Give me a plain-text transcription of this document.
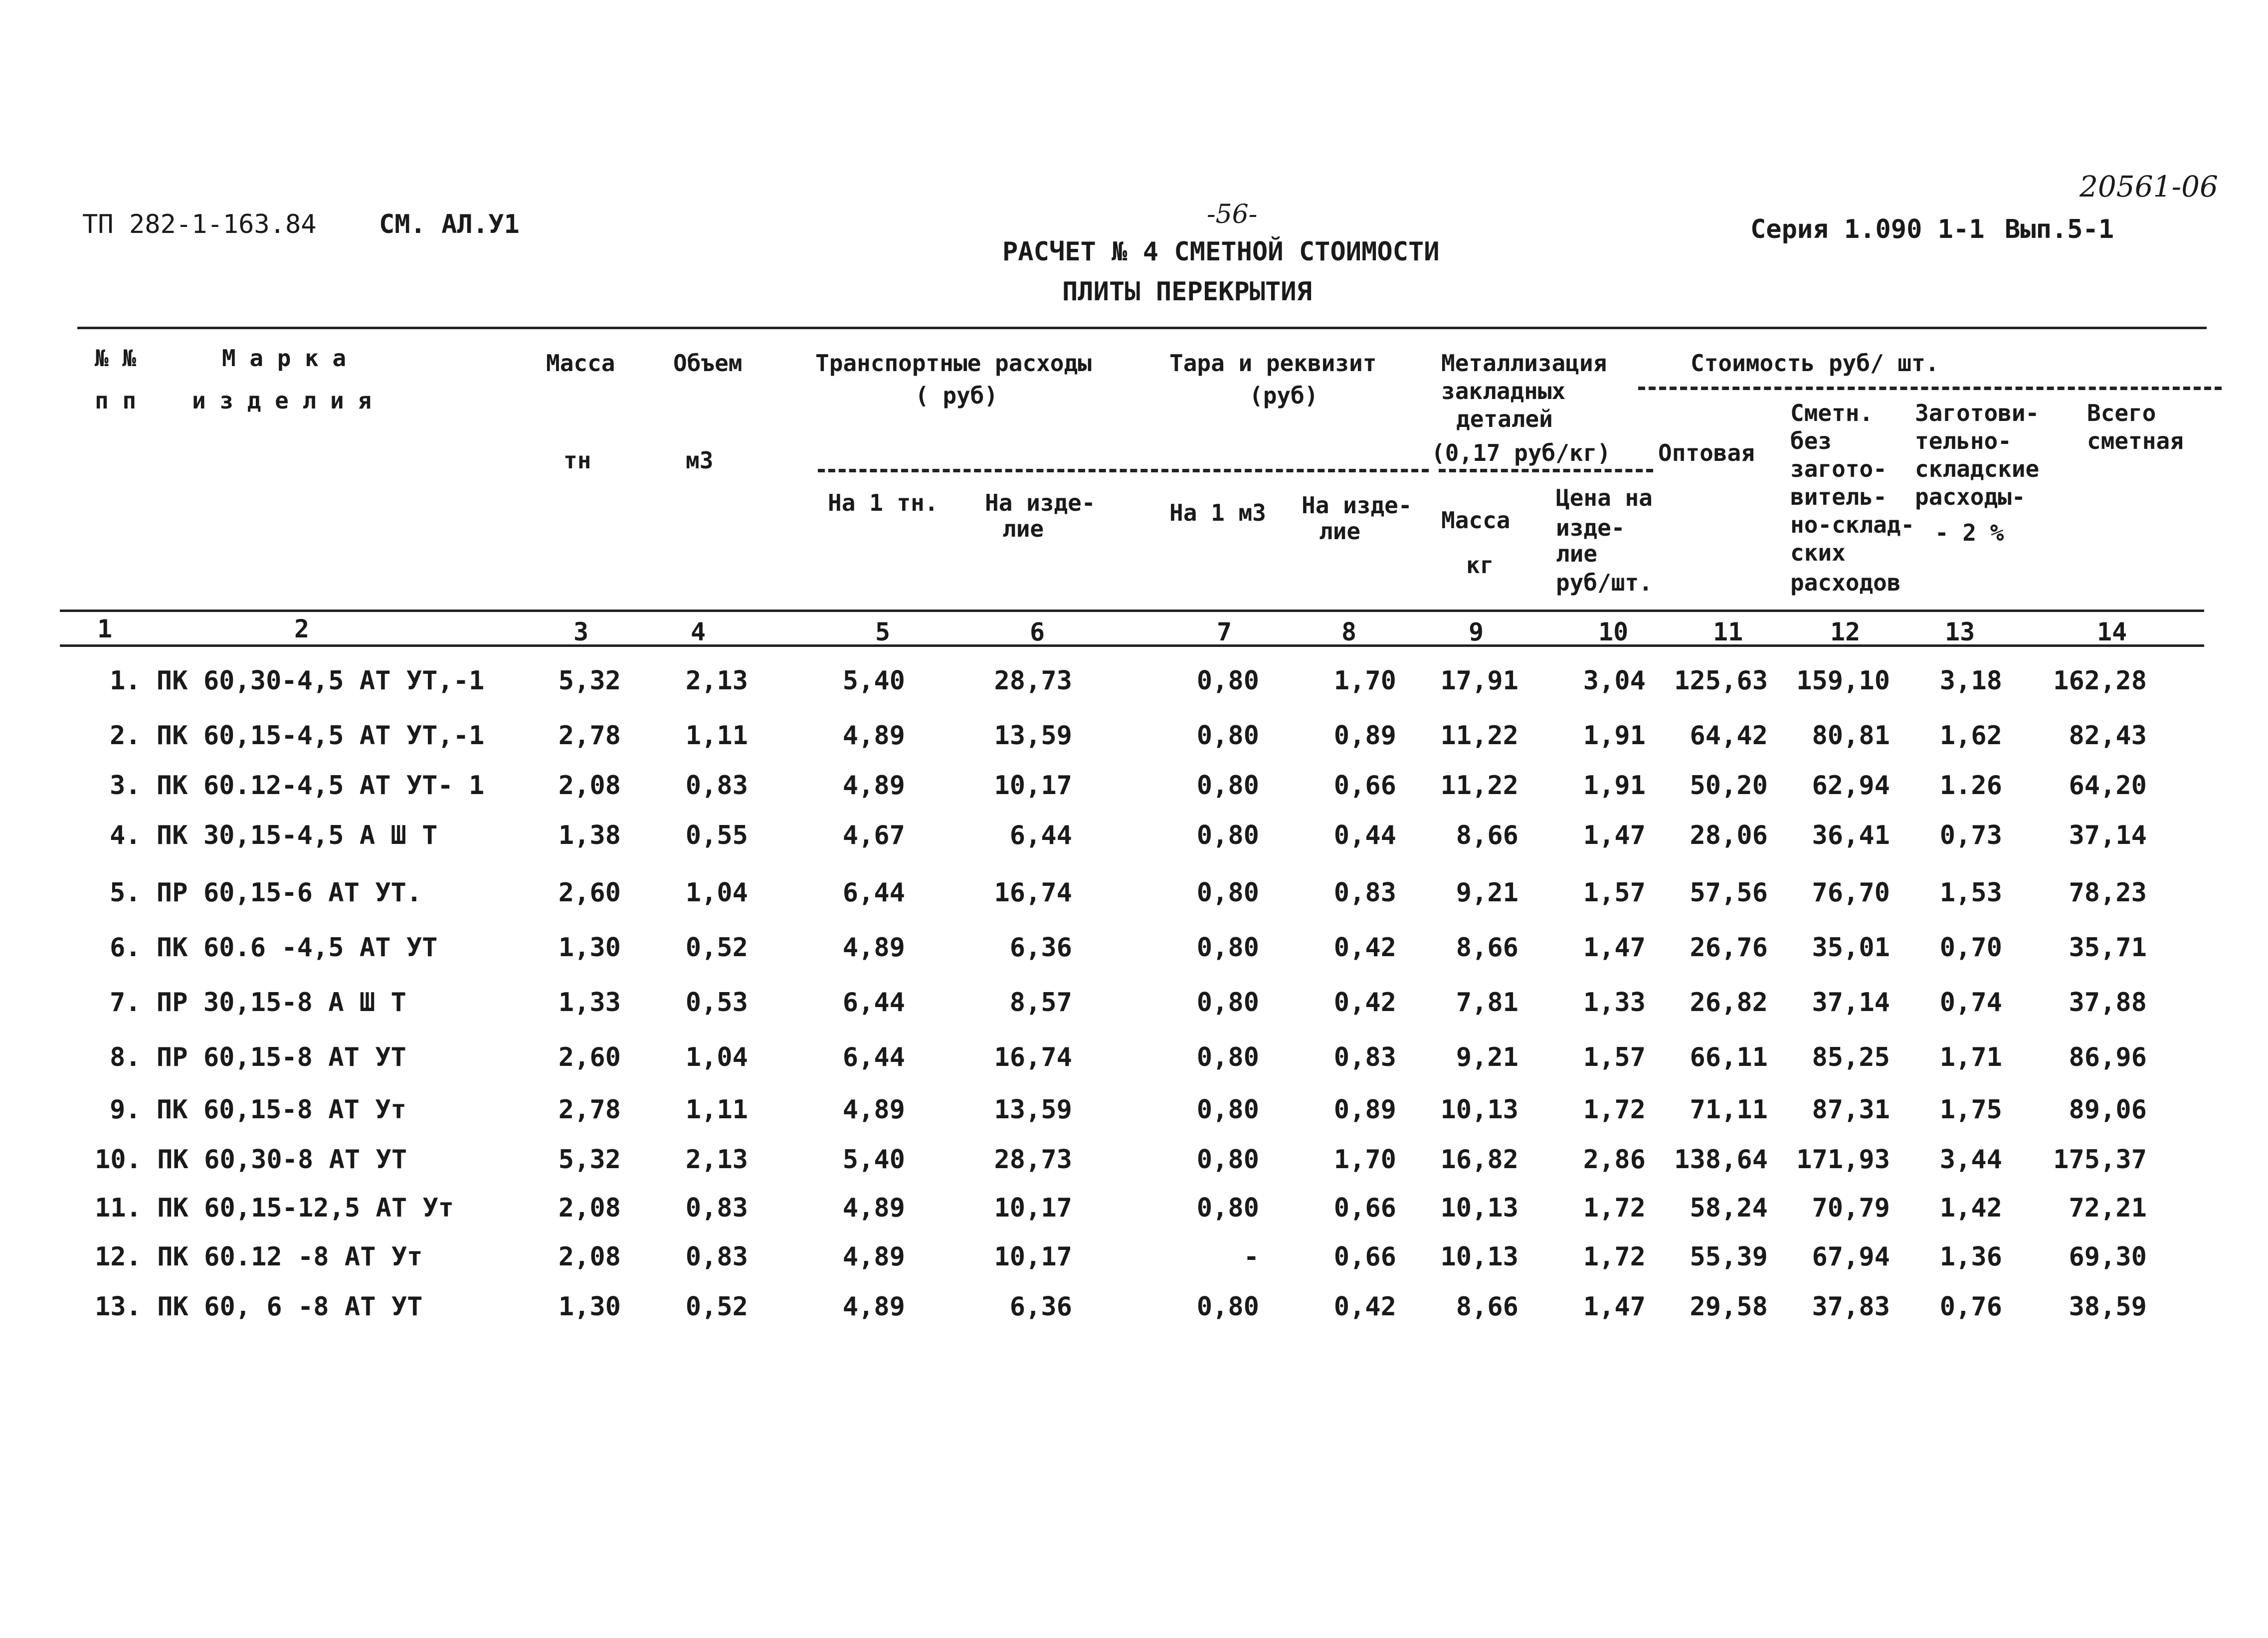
20561-06
ТП 282-1-163.84 СМ. АЛ.У1	-56-
РАСЧЕТ № 4 СМЕТНОЙ СТОИМОСТИ
ПЛИТЫ ПЕРЕКРЫТИЯ
Серия 1.090 1-1 Вып.5-1
№ №
п п
М а р к а
и з д е л и я
Масса
тн
Объем
м3
Транспортные расходы
( руб)
На 1 тн. На изде-
лие
Тара и реквизит
(руб)
На 1 м3 На изде-
лие
Металлизация
закладных
деталей
(0,17 руб/кг)
Масса
кг
Цена на
изде-
лие
руб/шт.
Стоимость руб/ шт.
Оптовая
Сметн.
без
загото-
витель-
но-склад-
ских
расходов
Заготови-
тельно-
складские
расходы-
- 2 %
Всего
сметная
1	2	3	4	5	6	7	8	9	10	11	12	13	14
1. ПК 60,30-4,5 АТ УТ,-1	5,32 2,13	5,40	28,73	0,80	1,70 17,91 3,04 125,63 159,10 3,18 162,28
2. ПК 60,15-4,5 АТ УТ,-1	2,78 1,11	4,89	13,59	0,80	0,89 11,22 1,91 64,42 80,81 1,62	82,43
3. ПК 60.12-4,5 АТ УТ- 1	2,08 0,83	4,89	10,17	0,80	0,66 11,22 1,91 50,20 62,94 1.26	64,20
4. ПК 30,15-4,5 А Ш Т	1,38 0,55	4,67	6,44	0,80	0,44 8,66 1,47 28,06 36,41 0,73	37,14
5. ПР 60,15-6 АТ УТ.	2,60 1,04	6,44	16,74	0,80	0,83 9,21 1,57 57,56 76,70 1,53	78,23
6. ПК 60.6 -4,5 АТ УТ	1,30 0,52	4,89	6,36	0,80	0,42 8,66 1,47 26,76 35,01 0,70	35,71
7. ПР 30,15-8 А Ш Т	1,33 0,53	6,44	8,57	0,80	0,42 7,81 1,33 26,82 37,14 0,74	37,88
8. ПР 60,15-8 АТ УТ	2,60 1,04	6,44	16,74	0,80	0,83 9,21 1,57 66,11 85,25 1,71	86,96
9. ПК 60,15-8 АТ Ут	2,78 1,11	4,89	13,59	0,80	0,89 10,13 1,72 71,11 87,31 1,75	89,06
10. ПК 60,30-8 АТ УТ	5,32 2,13	5,40	28,73	0,80	1,70 16,82 2,86 138,64 171,93 3,44 175,37
11. ПК 60,15-12,5 АТ Ут	2,08 0,83	4,89	10,17	0,80	0,66 10,13 1,72 58,24 70,79 1,42	72,21
12. ПК 60.12 -8 АТ Ут	2,08 0,83	4,89	10,17	-	0,66 10,13 1,72 55,39 67,94 1,36	69,30
13. ПК 60, 6 -8 АТ УТ	1,30 0,52	4,89	6,36	0,80	0,42 8,66 1,47 29,58 37,83 0,76	38,59
